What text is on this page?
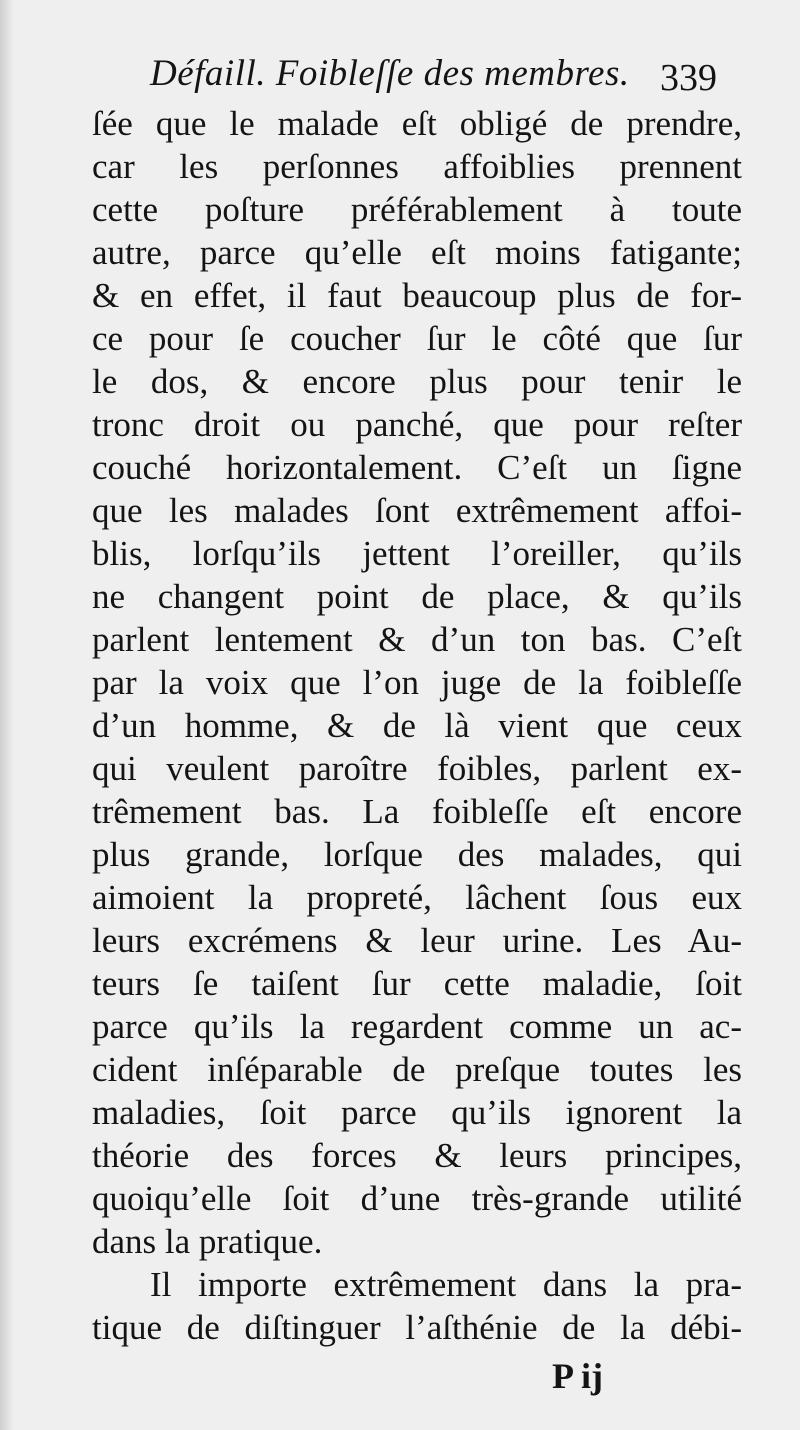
Défaill. Foibleſſe des membres. 339
ſée que le malade eſt obligé de prendre,
car les perſonnes affoiblies prennent
cette poſture préférablement à toute
autre, parce qu’elle eſt moins fatigante;
& en effet, il faut beaucoup plus de for-
ce pour ſe coucher ſur le côté que ſur
le dos, & encore plus pour tenir le
tronc droit ou panché, que pour reſter
couché horizontalement. C’eſt un ſigne
que les malades ſont extrêmement affoi-
blis, lorſqu’ils jettent l’oreiller, qu’ils
ne changent point de place, & qu’ils
parlent lentement & d’un ton bas. C’eſt
par la voix que l’on juge de la foibleſſe
d’un homme, & de là vient que ceux
qui veulent paroître foibles, parlent ex-
trêmement bas. La foibleſſe eſt encore
plus grande, lorſque des malades, qui
aimoient la propreté, lâchent ſous eux
leurs excrémens & leur urine. Les Au-
teurs ſe taiſent ſur cette maladie, ſoit
parce qu’ils la regardent comme un ac-
cident inſéparable de preſque toutes les
maladies, ſoit parce qu’ils ignorent la
théorie des forces & leurs principes,
quoiqu’elle ſoit d’une très-grande utilité
dans la pratique.
Il importe extrêmement dans la pra-
tique de diſtinguer l’aſthénie de la débi-
P ij
